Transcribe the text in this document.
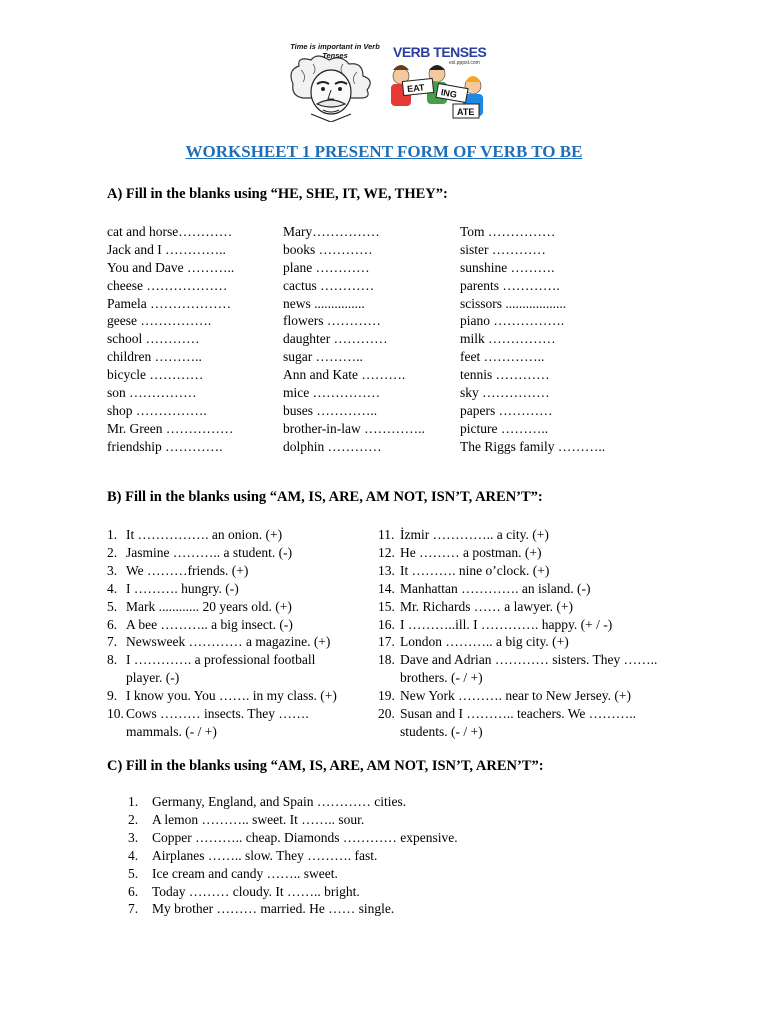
Time is important in Verb Tenses
EAT ING
ATE
VERB TENSES
esl.pppst.com
WORKSHEET 1 PRESENT FORM OF VERB TO BE
A) Fill in the blanks using “HE, SHE, IT, WE, THEY”:
cat and horse…………
Jack and I …………..
You and Dave ………..
cheese ………………
Pamela ………………
geese …………….
school …………
children ………..
bicycle …………
son ……………
shop …………….
Mr. Green ……………
friendship ………….
Mary……………
books …………
plane …………
cactus …………
news ...............
flowers …………
daughter …………
sugar ………..
Ann and Kate ……….
mice ……………
buses …………..
brother-in-law …………..
dolphin …………
Tom ……………
sister …………
sunshine ……….
parents ………….
scissors ..................
piano …………….
milk ……………
feet …………..
tennis …………
sky ……………
papers …………
picture ………..
The Riggs family ………..
B) Fill in the blanks using “AM, IS, ARE, AM NOT, ISN’T, AREN’T”:
1. It ……………. an onion. (+)
2. Jasmine ……….. a student. (-)
3. We ………friends. (+)
4. I ………. hungry. (-)
5. Mark ............ 20 years old. (+)
6. A bee ……….. a big insect. (-)
7. Newsweek ………… a magazine. (+)
8. I …………. a professional football
player. (-)
9. I know you. You ……. in my class. (+)
10. Cows ……… insects. They …….
mammals. (- / +)
11. İzmir ………….. a city. (+)
12. He ……… a postman. (+)
13. It ………. nine o’clock. (+)
14. Manhattan …………. an island. (-)
15. Mr. Richards …… a lawyer. (+)
16. I ………..ill. I …………. happy. (+ / -)
17. London ……….. a big city. (+)
18. Dave and Adrian ………… sisters. They ……..
brothers. (- / +)
19. New York ………. near to New Jersey. (+)
20. Susan and I ……….. teachers. We ………..
students. (- / +)
C) Fill in the blanks using “AM, IS, ARE, AM NOT, ISN’T, AREN’T”:
1. Germany, England, and Spain ………… cities.
2. A lemon ……….. sweet. It …….. sour.
3. Copper ……….. cheap. Diamonds ………… expensive.
4. Airplanes …….. slow. They ………. fast.
5. Ice cream and candy …….. sweet.
6. Today ……… cloudy. It …….. bright.
7. My brother ……… married. He …… single.
